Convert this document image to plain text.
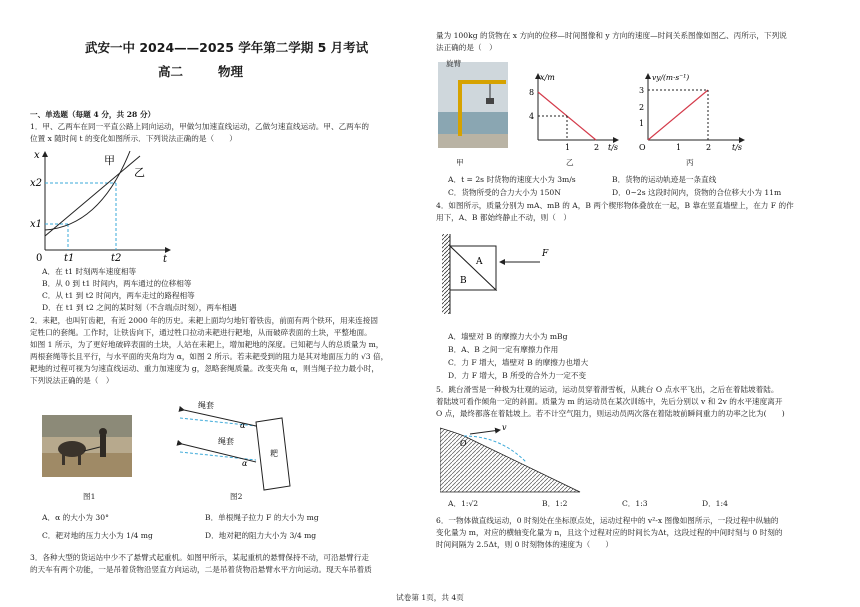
武安一中 2024——2025 学年第二学期 5 月考试
高二	物理
一、单选题（每题 4 分，共 28 分）
1．甲、乙两车在同一平直公路上同向运动，甲做匀加速直线运动，乙做匀速直线运动。甲、乙两车的
位置 x 随时间 t 的变化如图所示．下列说法正确的是（　　）
x
t
0
x2
x1
t1	t2
甲
乙
A．在 t1 时刻两车速度相等
B．从 0 到 t1 时间内，两车通过的位移相等
C．从 t1 到 t2 时间内，两车走过的路程相等
D．在 t1 到 t2 之间的某时刻（不含端点时刻），两车相遇
2．耒耙，也叫钉齿耙，有近 2000 年的历史。耒耙上面均匀地钉着铁齿，前面有两个铁环，用来连接固
定牲口的套绳。工作时，让铁齿向下，通过牲口拉动耒耙进行耙地，从而破碎表面的土块，平整地面。
如图 1 所示，为了更好地破碎表面的土块，人站在耒耙上，增加耙地的深度。已知耙与人的总质量为 m，
两根套绳等长且平行，与水平面的夹角均为 α，如图 2 所示。若耒耙受到的阻力是其对地面压力的 √3 倍，
耙地的过程可视为匀速直线运动、重力加速度为 g，忽略套绳质量。改变夹角 α，则当绳子拉力最小时，
下列说法正确的是（　）
图1
绳套
绳套
α
α
耙
图2
A．α 的大小为 30°	B．单根绳子拉力 F 的大小为 mg
C．耙对地的压力大小为 1/4 mg	D．地对耙的阻力大小为 3/4 mg
3．各种大型的货运站中少不了悬臂式起重机。如图甲所示，某起重机的悬臂保持不动，可沿悬臂行走
的天车有两个功能，一是吊着货物沿竖直方向运动，二是吊着货物沿悬臂水平方向运动。现天车吊着质
量为 100kg 的货物在 x 方向的位移—时间图像和 y 方向的速度—时间关系图像如图乙、丙所示，下列说
法正确的是（　）
旋臂
x/m
t/s
8
4
1	2
vy/(m·s⁻¹)
t/s
3
2
1
1	2
O
甲	乙	丙
A．t = 2s 时货物的速度大小为 3m/s	B．货物的运动轨迹是一条直线
C．货物所受的合力大小为 150N	D．0~2s 这段时间内，货物的合位移大小为 11m
4．如图所示，质量分别为 mA、mB 的 A，B 两个楔形物体叠放在一起，B 靠在竖直墙壁上，在力 F 的作
用下，A、B 都始终静止不动，则（　）
A
B
F
A．墙壁对 B 的摩擦力大小为 mBg
B．A、B 之间一定有摩擦力作用
C．力 F 增大，墙壁对 B 的摩擦力也增大
D．力 F 增大，B 所受的合外力一定不变
5．跳台滑雪是一种极为壮观的运动，运动员穿着滑雪板，从跳台 O 点水平飞出，之后在着陆坡着陆。
着陆坡可看作倾角一定的斜面。质量为 m 的运动员在某次训练中，先后分别以 v 和 2v 的水平速度离开
O 点，最终都落在着陆坡上。若不计空气阻力，则运动员两次落在着陆坡前瞬间重力的功率之比为(　　)
O
v
A．1:√2	B．1:2	C．1:3	D．1:4
6．一物体做直线运动，0 时刻处在坐标原点处，运动过程中的 v²-x 图像如图所示，一段过程中纵轴的
变化量为 m，对应的横轴变化量为 n，且这个过程对应的时间长为Δt，这段过程的中间时刻与 0 时刻的
时间间隔为 2.5Δt，则 0 时刻物体的速度为（　　）
试卷第 1页，共 4页
